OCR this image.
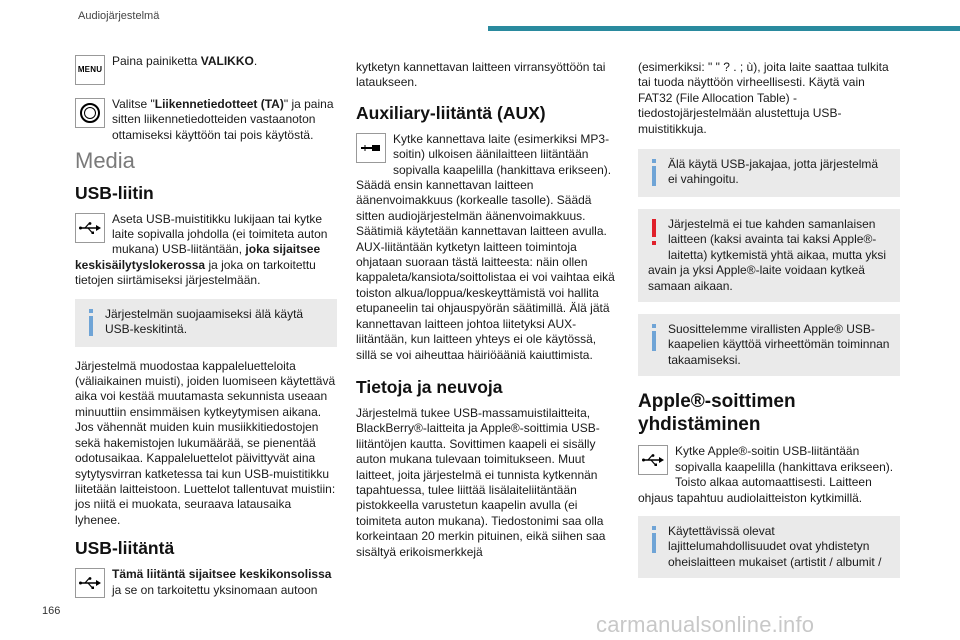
Audiojärjestelmä
MENU
Paina painiketta VALIKKO.
Valitse "Liikennetiedotteet (TA)" ja paina sitten liikennetiedotteiden vastaanoton ottamiseksi käyttöön tai pois käytöstä.
Media
USB-liitin
Aseta USB-muistitikku lukijaan tai kytke laite sopivalla johdolla (ei toimiteta auton mukana) USB-liitäntään, joka sijaitsee keskisäilytyslokerossa ja joka on tarkoitettu tietojen siirtämiseksi järjestelmään.
Järjestelmän suojaamiseksi älä käytä USB-keskitintä.

Järjestelmä muodostaa kappaleluetteloita (väliaikainen muisti), joiden luomiseen käytettävä aika voi kestää muutamasta sekunnista useaan minuuttiin ensimmäisen kytkeytymisen aikana. Jos vähennät muiden kuin musiikkitiedostojen sekä hakemistojen lukumäärää, se pienentää odotusaikaa. Kappaleluettelot päivittyvät aina sytytysvirran katketessa tai kun USB-muistitikku liitetään laitteistoon. Luettelot tallentuvat muistiin: jos niitä ei muokata, seuraava latausaika lyhenee.

USB-liitäntä
Tämä liitäntä sijaitsee keskikonsolissa ja se on tarkoitettu yksinomaan autoon

kytketyn kannettavan laitteen virransyöttöön tai lataukseen.

Auxiliary-liitäntä (AUX)
Kytke kannettava laite (esimerkiksi MP3-soitin) ulkoisen äänilaitteen liitäntään sopivalla kaapelilla (hankittava erikseen). Säädä ensin kannettavan laitteen äänenvoimakkuus (korkealle tasolle). Säädä sitten audiojärjestelmän äänenvoimakkuus. Säätimiä käytetään kannettavan laitteen avulla. AUX-liitäntään kytketyn laitteen toimintoja ohjataan suoraan tästä laitteesta: näin ollen kappaleta/kansiota/soittolistaa ei voi vaihtaa eikä toiston alkua/loppua/keskeyttämistä voi hallita etupaneelin tai ohjauspyörän säätimillä. Älä jätä kannettavan laitteen johtoa liitetyksi AUX-liitäntään, kun laitteen yhteys ei ole käytössä, sillä se voi aiheuttaa häiriöääniä kaiuttimista.
Tietoja ja neuvoja

Järjestelmä tukee USB-massamuistilaitteita, BlackBerry®-laitteita ja Apple®-soittimia USB-liitäntöjen kautta. Sovittimen kaapeli ei sisälly auton mukana tulevaan toimitukseen. Muut laitteet, joita järjestelmä ei tunnista kytkennän tapahtuessa, tulee liittää lisälaiteliitäntään pistokkeella varustetun kaapelin avulla (ei toimiteta auton mukana). Tiedostonimi saa olla korkeintaan 20 merkin pituinen, eikä siihen saa sisältyä erikoismerkkejä

(esimerkiksi: " " ? . ; ù), joita laite saattaa tulkita tai tuoda näyttöön virheellisesti. Käytä vain FAT32 (File Allocation Table) -tiedostojärjestelmään alustettuja USB-muistitikkuja.

Älä käytä USB-jakajaa, jotta järjestelmä ei vahingoitu.
Järjestelmä ei tue kahden samanlaisen laitteen (kaksi avainta tai kaksi Apple®-laitetta) kytkemistä yhtä aikaa, mutta yksi avain ja yksi Apple®-laite voidaan kytkeä samaan aikaan.
Suosittelemme virallisten Apple® USB-kaapelien käyttöä virheettömän toiminnan takaamiseksi.
Apple®-soittimen yhdistäminen
Kytke Apple®-soitin USB-liitäntään sopivalla kaapelilla (hankittava erikseen). Toisto alkaa automaattisesti. Laitteen ohjaus tapahtuu audiolaitteiston kytkimillä.
Käytettävissä olevat lajittelumahdollisuudet ovat yhdistetyn oheislaitteen mukaiset (artistit / albumit /
166
carmanualsonline.info
